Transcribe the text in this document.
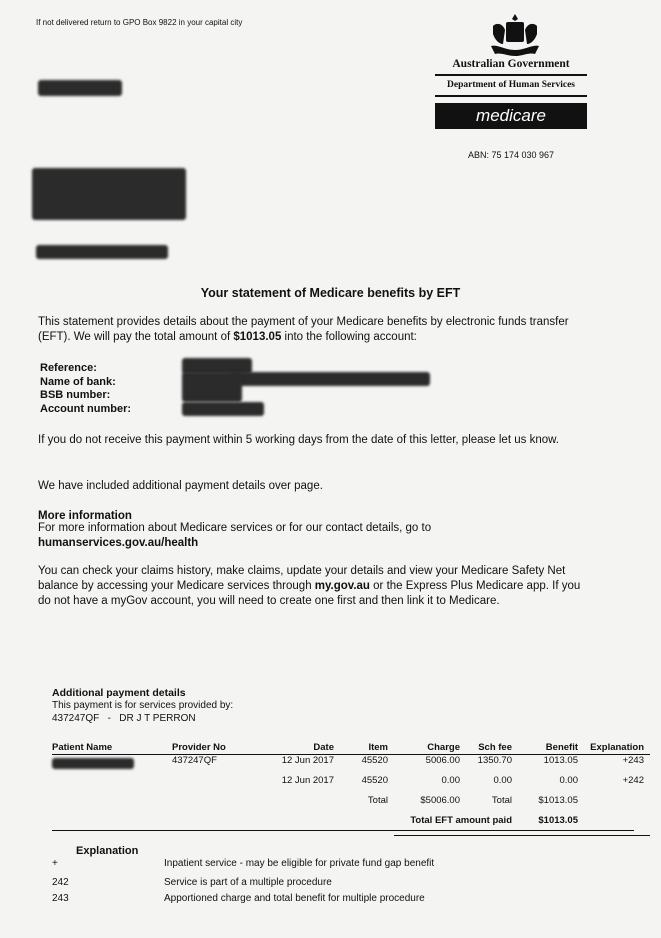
If not delivered return to GPO Box 9822 in your capital city
Australian Government
Department of Human Services
medicare
ABN: 75 174 030 967
Your statement of Medicare benefits by EFT
This statement provides details about the payment of your Medicare benefits by electronic funds transfer (EFT). We will pay the total amount of $1013.05 into the following account:
Reference:
Name of bank:
BSB number:
Account number:
If you do not receive this payment within 5 working days from the date of this letter, please let us know.
We have included additional payment details over page.
More information
For more information about Medicare services or for our contact details, go to
humanservices.gov.au/health
You can check your claims history, make claims, update your details and view your Medicare Safety Net balance by accessing your Medicare services through my.gov.au or the Express Plus Medicare app. If you do not have a myGov account, you will need to create one first and then link it to Medicare.
Additional payment details
This payment is for services provided by:
437247QF   -   DR J T PERRON
Patient Name	Provider No	Date	Item	Charge	Sch fee	Benefit	Explanation

	437247QF	12 Jun 2017	45520	5006.00	1350.70	1013.05	+243
		12 Jun 2017	45520	0.00	0.00	0.00	+242
			Total	$5006.00	Total	$1013.05	
				Total EFT amount paid		$1013.05	
Explanation
+	Inpatient service - may be eligible for private fund gap benefit
242	Service is part of a multiple procedure
243	Apportioned charge and total benefit for multiple procedure
